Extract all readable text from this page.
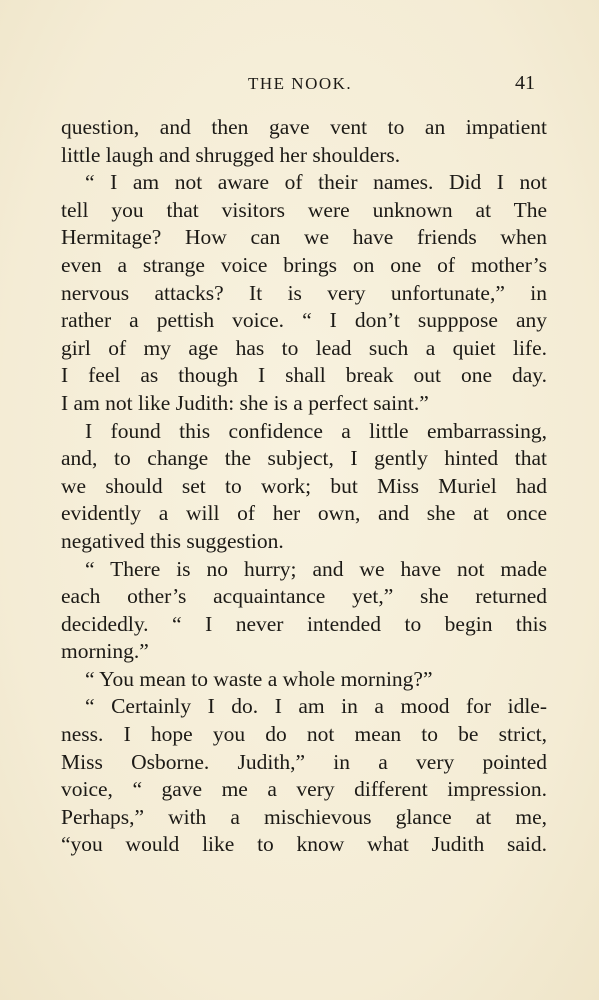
THE NOOK.	41
question, and then gave vent to an impatient
little laugh and shrugged her shoulders.
“ I am not aware of their names. Did I not
tell you that visitors were unknown at The
Hermitage? How can we have friends when
even a strange voice brings on one of mother’s
nervous attacks? It is very unfortunate,” in
rather a pettish voice. “ I don’t supppose any
girl of my age has to lead such a quiet life.
I feel as though I shall break out one day.
I am not like Judith: she is a perfect saint.”
I found this confidence a little embarrassing,
and, to change the subject, I gently hinted that
we should set to work; but Miss Muriel had
evidently a will of her own, and she at once
negatived this suggestion.
“ There is no hurry; and we have not made
each other’s acquaintance yet,” she returned
decidedly. “ I never intended to begin this
morning.”
“ You mean to waste a whole morning?”
“ Certainly I do. I am in a mood for idle-
ness. I hope you do not mean to be strict,
Miss Osborne. Judith,” in a very pointed
voice, “ gave me a very different impression.
Perhaps,” with a mischievous glance at me,
“you would like to know what Judith said.
